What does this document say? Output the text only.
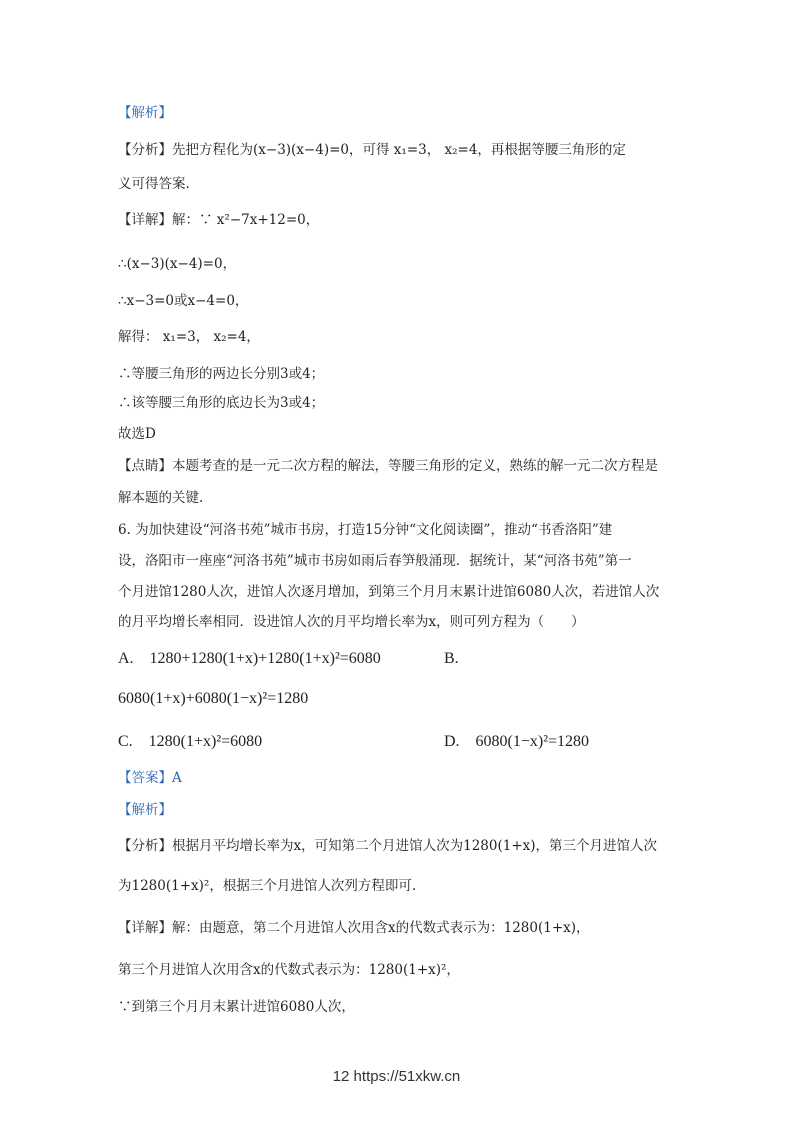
【解析】
【分析】先把方程化为(x−3)(x−4)=0，可得 x₁=3， x₂=4，再根据等腰三角形的定
义可得答案.
【详解】解：∵ x²−7x+12=0，
∴(x−3)(x−4)=0，
∴x−3=0或x−4=0，
解得： x₁=3， x₂=4，
∴等腰三角形的两边长分别3或4；
∴该等腰三角形的底边长为3或4；
故选D
【点睛】本题考查的是一元二次方程的解法，等腰三角形的定义，熟练的解一元二次方程是
解本题的关键.
6. 为加快建设“河洛书苑”城市书房，打造15分钟“文化阅读圈”，推动“书香洛阳”建
设，洛阳市一座座“河洛书苑”城市书房如雨后春笋般涌现．据统计，某“河洛书苑”第一
个月进馆1280人次，进馆人次逐月增加，到第三个月月末累计进馆6080人次，若进馆人次
的月平均增长率相同．设进馆人次的月平均增长率为x，则可列方程为（　　）
A.　1280+1280(1+x)+1280(1+x)²=6080	B.
6080(1+x)+6080(1−x)²=1280
C.　1280(1+x)²=6080	D.　6080(1−x)²=1280
【答案】A
【解析】
【分析】根据月平均增长率为x，可知第二个月进馆人次为1280(1+x)，第三个月进馆人次
为1280(1+x)²，根据三个月进馆人次列方程即可.
【详解】解：由题意，第二个月进馆人次用含x的代数式表示为：1280(1+x)，
第三个月进馆人次用含x的代数式表示为：1280(1+x)²，
∵到第三个月月末累计进馆6080人次，
12 https://51xkw.cn
